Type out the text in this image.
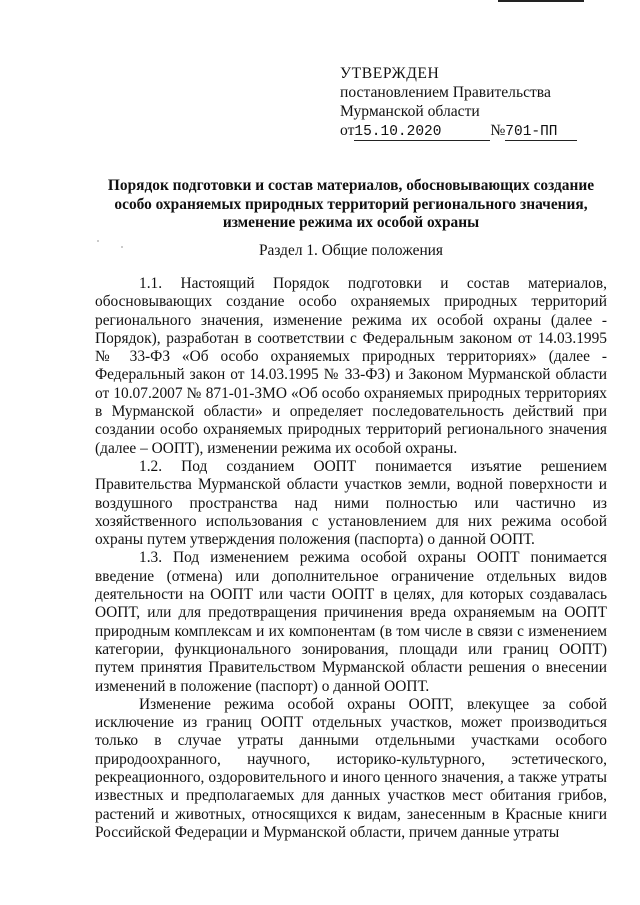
УТВЕРЖДЕН
постановлением Правительства
Мурманской области
от15.10.2020	№701-ПП
Порядок подготовки и состав материалов, обосновывающих создание особо охраняемых природных территорий регионального значения, изменение режима их особой охраны
Раздел 1. Общие положения

1.1. Настоящий Порядок подготовки и состав материалов, обосновывающих создание особо охраняемых природных территорий регионального значения, изменение режима их особой охраны (далее - Порядок), разработан в соответствии с Федеральным законом от 14.03.1995 № 33-ФЗ «Об особо охраняемых природных территориях» (далее - Федеральный закон от 14.03.1995 № 33-ФЗ) и Законом Мурманской области от 10.07.2007 № 871-01-ЗМО «Об особо охраняемых природных территориях в Мурманской области» и определяет последовательность действий при создании особо охраняемых природных территорий регионального значения (далее – ООПТ), изменении режима их особой охраны.

1.2. Под созданием ООПТ понимается изъятие решением Правительства Мурманской области участков земли, водной поверхности и воздушного пространства над ними полностью или частично из хозяйственного использования с установлением для них режима особой охраны путем утверждения положения (паспорта) о данной ООПТ.

1.3. Под изменением режима особой охраны ООПТ понимается введение (отмена) или дополнительное ограничение отдельных видов деятельности на ООПТ или части ООПТ в целях, для которых создавалась ООПТ, или для предотвращения причинения вреда охраняемым на ООПТ природным комплексам и их компонентам (в том числе в связи с изменением категории, функционального зонирования, площади или границ ООПТ) путем принятия Правительством Мурманской области решения о внесении изменений в положение (паспорт) о данной ООПТ.

Изменение режима особой охраны ООПТ, влекущее за собой исключение из границ ООПТ отдельных участков, может производиться только в случае утраты данными отдельными участками особого природоохранного, научного, историко-культурного, эстетического, рекреационного, оздоровительного и иного ценного значения, а также утраты известных и предполагаемых для данных участков мест обитания грибов, растений и животных, относящихся к видам, занесенным в Красные книги Российской Федерации и Мурманской области, причем данные утраты
